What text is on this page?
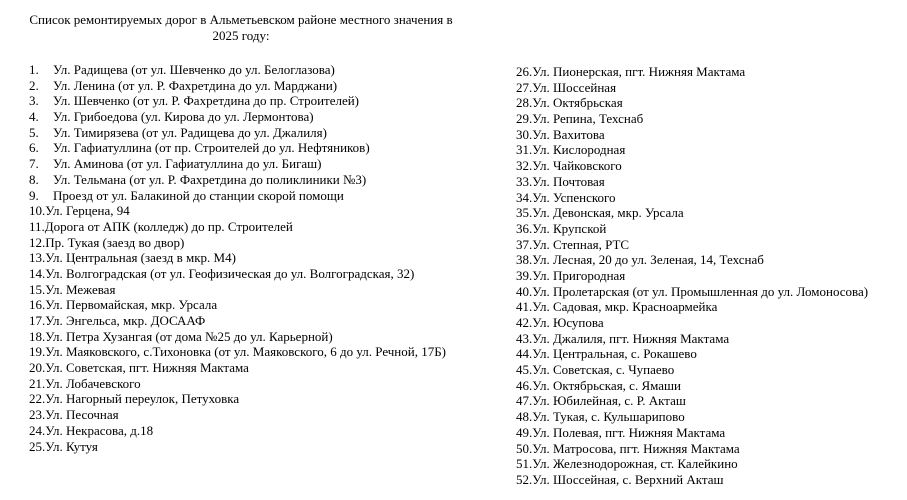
Список ремонтируемых дорог в Альметьевском районе местного значения в
2025 году:
1. Ул. Радищева (от ул. Шевченко до ул. Белоглазова)
2. Ул. Ленина (от ул. Р. Фахретдина до ул. Марджани)
3. Ул. Шевченко (от ул. Р. Фахретдина до пр. Строителей)
4. Ул. Грибоедова (ул. Кирова до ул. Лермонтова)
5. Ул. Тимирязева (от ул. Радищева до ул. Джалиля)
6. Ул. Гафиатуллина (от пр. Строителей до ул. Нефтяников)
7. Ул. Аминова (от ул. Гафиатуллина до ул. Бигаш)
8. Ул. Тельмана (от ул. Р. Фахретдина до поликлиники №3)
9. Проезд от ул. Балакиной до станции скорой помощи
10.Ул. Герцена, 94
11.Дорога от АПК (колледж) до пр. Строителей
12.Пр. Тукая (заезд во двор)
13.Ул. Центральная (заезд в мкр. М4)
14.Ул. Волгоградская (от ул. Геофизическая до ул. Волгоградская, 32)
15.Ул. Межевая
16.Ул. Первомайская, мкр. Урсала
17.Ул. Энгельса, мкр. ДОСААФ
18.Ул. Петра Хузангая (от дома №25 до ул. Карьерной)
19.Ул. Маяковского, с.Тихоновка (от ул. Маяковского, 6 до ул. Речной, 17Б)
20.Ул. Советская, пгт. Нижняя Мактама
21.Ул. Лобачевского
22.Ул. Нагорный переулок, Петуховка
23.Ул. Песочная
24.Ул. Некрасова, д.18
25.Ул. Кутуя
26.Ул. Пионерская, пгт. Нижняя Мактама
27.Ул. Шоссейная
28.Ул. Октябрьская
29.Ул. Репина, Техснаб
30.Ул. Вахитова
31.Ул. Кислородная
32.Ул. Чайковского
33.Ул. Почтовая
34.Ул. Успенского
35.Ул. Девонская, мкр. Урсала
36.Ул. Крупской
37.Ул. Степная, РТС
38.Ул. Лесная, 20 до ул. Зеленая, 14, Техснаб
39.Ул. Пригородная
40.Ул. Пролетарская (от ул. Промышленная до ул. Ломоносова)
41.Ул. Садовая, мкр. Красноармейка
42.Ул. Юсупова
43.Ул. Джалиля, пгт. Нижняя Мактама
44.Ул. Центральная, с. Рокашево
45.Ул. Советская, с. Чупаево
46.Ул. Октябрьская, с. Ямаши
47.Ул. Юбилейная, с. Р. Акташ
48.Ул. Тукая, с. Кульшарипово
49.Ул. Полевая, пгт. Нижняя Мактама
50.Ул. Матросова, пгт. Нижняя Мактама
51.Ул. Железнодорожная, ст. Калейкино
52.Ул. Шоссейная, с. Верхний Акташ
